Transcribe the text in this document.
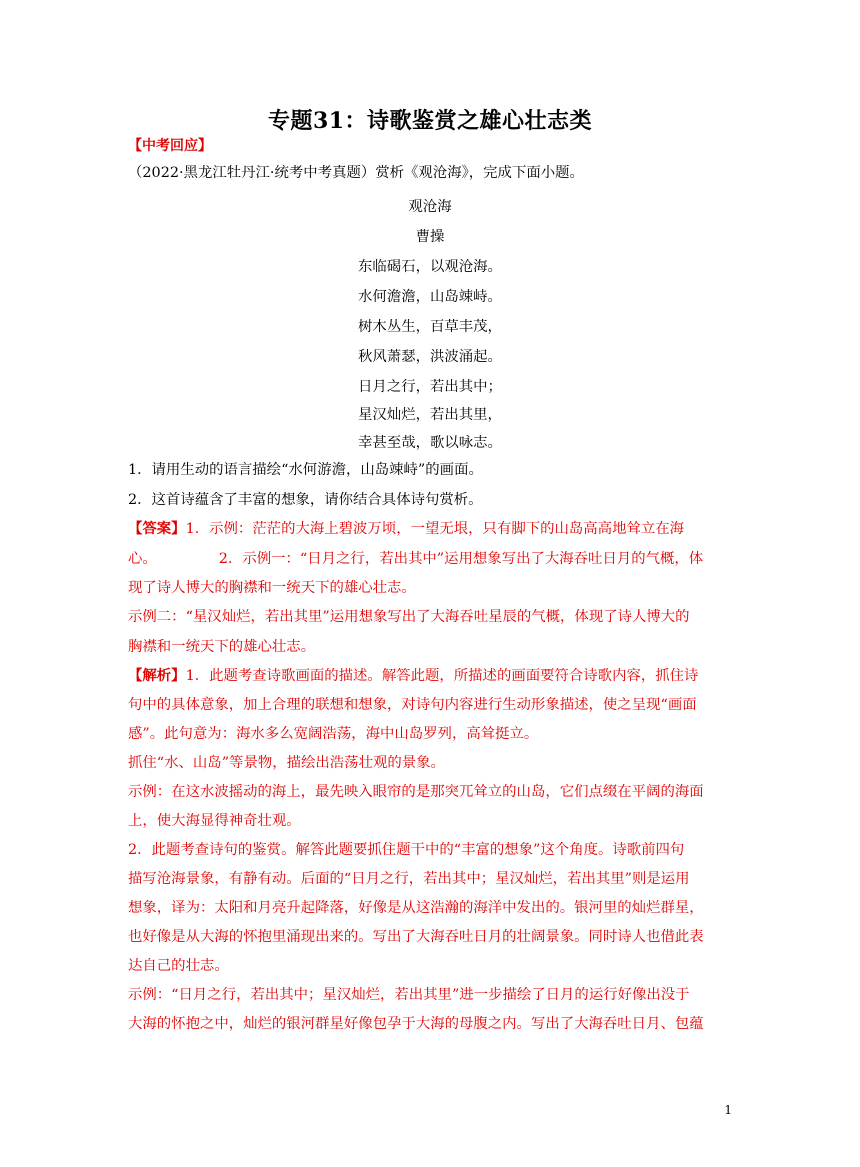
专题31：诗歌鉴赏之雄心壮志类
【中考回应】
（2022·黑龙江牡丹江·统考中考真题）赏析《观沧海》，完成下面小题。
观沧海
曹操
东临碣石，以观沧海。
水何澹澹，山岛竦峙。
树木丛生，百草丰茂，
秋风萧瑟，洪波涌起。
日月之行，若出其中；
星汉灿烂，若出其里，
幸甚至哉，歌以咏志。
1．请用生动的语言描绘“水何游澹，山岛竦峙”的画面。
2．这首诗蕴含了丰富的想象，请你结合具体诗句赏析。
【答案】1．示例：茫茫的大海上碧波万顷，一望无垠，只有脚下的山岛高高地耸立在海
心。	2．示例一：“日月之行，若出其中”运用想象写出了大海吞吐日月的气概，体
现了诗人博大的胸襟和一统天下的雄心壮志。
示例二：“星汉灿烂，若出其里”运用想象写出了大海吞吐星辰的气概，体现了诗人博大的
胸襟和一统天下的雄心壮志。
【解析】1．此题考查诗歌画面的描述。解答此题，所描述的画面要符合诗歌内容，抓住诗
句中的具体意象，加上合理的联想和想象，对诗句内容进行生动形象描述，使之呈现“画面
感”。此句意为：海水多么宽阔浩荡，海中山岛罗列，高耸挺立。
抓住“水、山岛”等景物，描绘出浩荡壮观的景象。
示例：在这水波摇动的海上，最先映入眼帘的是那突兀耸立的山岛，它们点缀在平阔的海面
上，使大海显得神奇壮观。
2．此题考查诗句的鉴赏。解答此题要抓住题干中的“丰富的想象”这个角度。诗歌前四句
描写沧海景象，有静有动。后面的“日月之行，若出其中；星汉灿烂，若出其里”则是运用
想象，译为：太阳和月亮升起降落，好像是从这浩瀚的海洋中发出的。银河里的灿烂群星，
也好像是从大海的怀抱里涌现出来的。写出了大海吞吐日月的壮阔景象。同时诗人也借此表
达自己的壮志。
示例：“日月之行，若出其中；星汉灿烂，若出其里”进一步描绘了日月的运行好像出没于
大海的怀抱之中，灿烂的银河群星好像包孕于大海的母腹之内。写出了大海吞吐日月、包蕴
1
